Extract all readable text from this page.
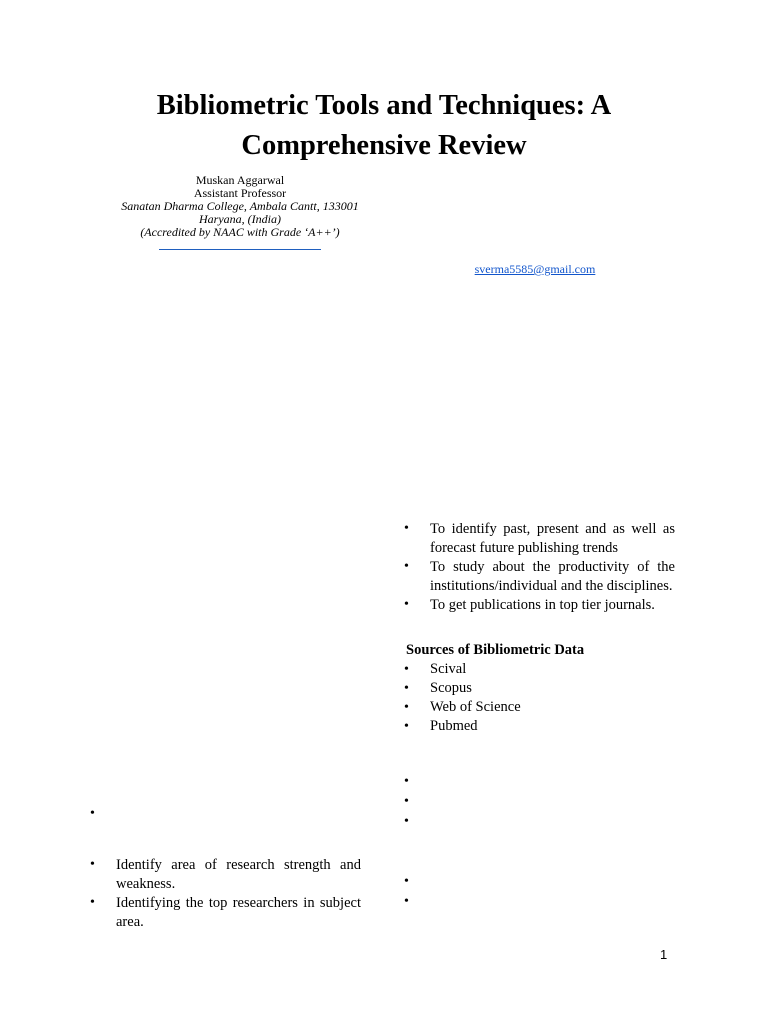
Bibliometric Tools and Techniques: A
Comprehensive Review
Muskan Aggarwal
Assistant Professor
Sanatan Dharma College, Ambala Cantt, 133001
Haryana, (India)
(Accredited by NAAC with Grade ‘A++’)
sverma5585@gmail.com
• To identify past, present and as well as forecast future publishing trends
• To study about the productivity of the institutions/individual and the disciplines.
• To get publications in top tier journals.
Sources of Bibliometric Data
• Scival
• Scopus
• Web of Science
• Pubmed
•
•
•
•
•
•
• Identify area of research strength and weakness.
• Identifying the top researchers in subject area.
1
